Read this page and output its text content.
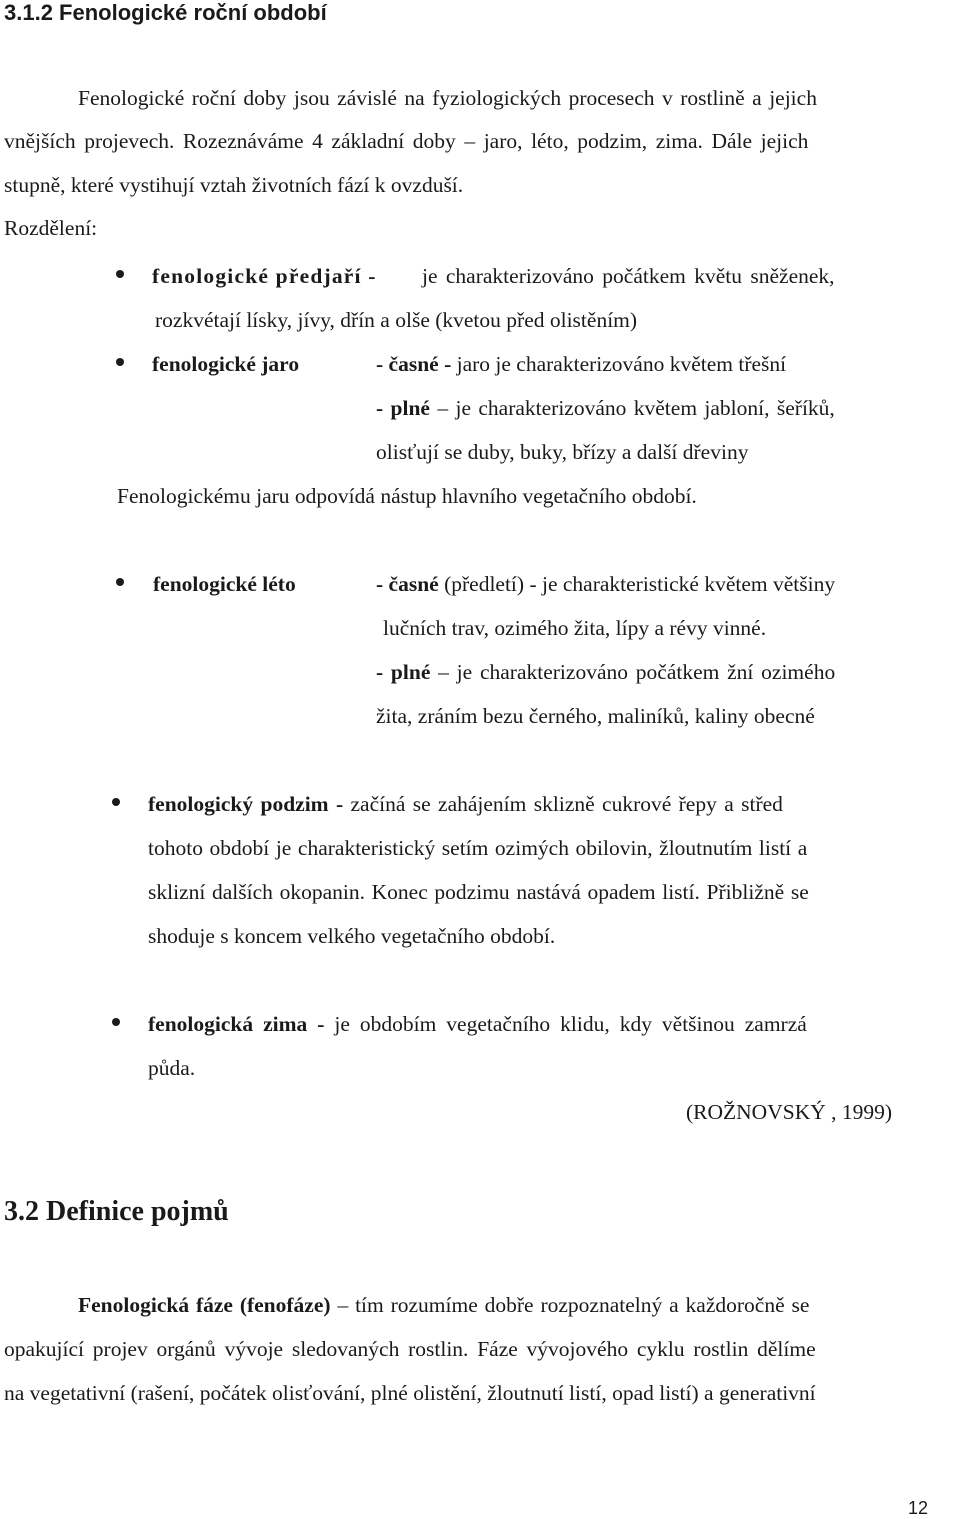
3.1.2 Fenologické roční období
Fenologické roční doby jsou závislé na fyziologických procesech v rostlině a jejich
vnějších projevech. Rozeznáváme 4 základní doby – jaro, léto, podzim, zima. Dále jejich
stupně, které vystihují vztah životních fází k ovzduší.
Rozdělení:
fenologické předjaří - je charakterizováno počátkem květu sněženek,
rozkvétají lísky, jívy, dřín a olše (kvetou před olistěním)
fenologické jaro	- časné - jaro je charakterizováno květem třešní
- plné – je charakterizováno květem jabloní, šeříků,
olisťují se duby, buky, břízy a další dřeviny
Fenologickému jaru odpovídá nástup hlavního vegetačního období.
fenologické léto	- časné (předletí) - je charakteristické květem většiny
lučních trav, ozimého žita, lípy a révy vinné.
- plné – je charakterizováno počátkem žní ozimého
žita, zráním bezu černého, maliníků, kaliny obecné
fenologický podzim - začíná se zahájením sklizně cukrové řepy a střed
tohoto období je charakteristický setím ozimých obilovin, žloutnutím listí a
sklizní dalších okopanin. Konec podzimu nastává opadem listí. Přibližně se
shoduje s koncem velkého vegetačního období.
fenologická zima - je obdobím vegetačního klidu, kdy většinou zamrzá
půda.
(ROŽNOVSKÝ , 1999)
3.2 Definice pojmů
Fenologická fáze (fenofáze) – tím rozumíme dobře rozpoznatelný a každoročně se
opakující projev orgánů vývoje sledovaných rostlin. Fáze vývojového cyklu rostlin dělíme
na vegetativní (rašení, počátek olisťování, plné olistění, žloutnutí listí, opad listí) a generativní
12
